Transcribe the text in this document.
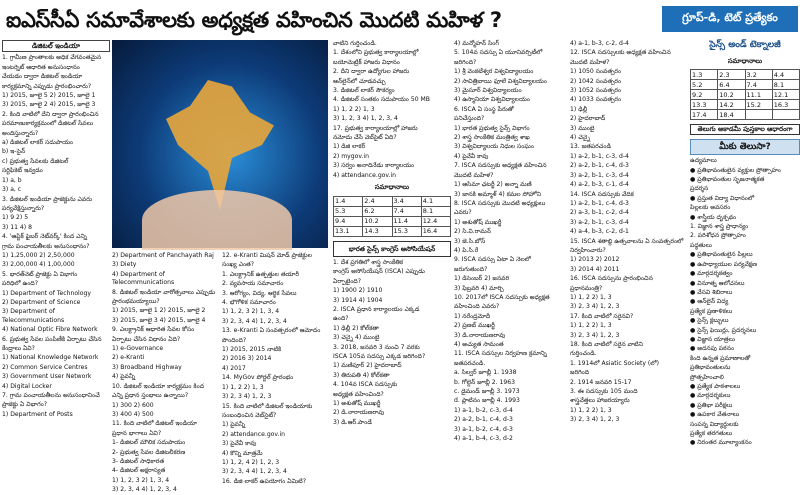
ఐఎస్‌సీఏ సమావేశాలకు అధ్యక్షత వహించిన మొదటి మహిళ ?	గ్రూప్-డి, టెట్ ప్రత్యేకం
డిజిటల్ ఇండియా

1. గ్రామీణ ప్రాంతాలకు అధిక వేగవంతమైన

ఇంటర్నెట్ ఆధారిత అనుసంధానం

చేయడం ద్వారా డిజిటల్ ఇండియా

కార్యక్రమాన్ని ఎప్పుడు ప్రారంభించారు?

1) 2015, జూలై 5 2) 2015, జూలై 1

3) 2015, జూలై 2 4) 2015, జూలై 3

2. కింది వాటిలో దేని ద్వారా ప్రారంభించిన

పరమాణుకార్యక్రమంలో డిజిటల్ సేవలు

అందిస్తున్నారు?

a) డిజిటల్ లాకర్ సదుపాయం

b) ఇ-సైన్

c) ప్రభుత్వ సేవలకు డిజిటల్

సర్టిఫికెట్ ఇవ్వడం

1) a, b

3) a, c

3. డిజిటల్ ఇండియా ప్రాజెక్టును ఎవరు

పర్యవేక్షిస్తున్నారు?

1) 9 2) 5

3) 11 4) 8

4. 'ఆప్టిక్ ఫైబర్ నెట్‌వర్క్' కింద ఎన్ని

గ్రామ పంచాయతీలకు అనుసంధానం?

1) 1,25,000 2) 2,50,000

3) 2,00,000 4) 1,00,000

5. భారత్‌నెట్ ప్రాజెక్టు ఏ విభాగం

పరిధిలో ఉంది?

1) Department of Technology

2) Department of Science

3) Department of Telecommunications

4) National Optic Fibre Network

6. ప్రభుత్వ సేవల పంపిణీకి ఏర్పాటు చేసిన

కేంద్రాలు ఏవి?

1) National Knowledge Network

2) Common Service Centres

3) Government User Network

4) Digital Locker

7. గ్రామ పంచాయతీలను అనుసంధానించే

ప్రాజెక్టు ఏ విభాగం?

1) Department of Posts

2) Department of Panchayath Raj

3) Diety

4) Department of Telecommunications

8. డిజిటల్ ఇండియా వారోత్సవాలు ఎప్పుడు

ప్రారంభమయ్యాయి?

1) 2015, జూలై 1 2) 2015, జూలై 2

3) 2015, జూలై 3 4) 2015, జూలై 4

9. ఎలక్ట్రానిక్ ఆధారిత సేవల కోసం

ఏర్పాటు చేసిన విధానం ఏది?

1) e-Governance

2) e-Kranti

3) Broadband Highway

4) పైవన్నీ

10. డిజిటల్ ఇండియా కార్యక్రమం కింద

ఎన్ని ప్రధాన స్తంభాలు ఉన్నాయి?

1) 300 2) 600

3) 400 4) 500

11. కింది వాటిలో డిజిటల్ ఇండియా

ప్రధాన భాగాలు ఏవి?

1- డిజిటల్ మౌలిక సదుపాయం

2- ప్రభుత్వ సేవల డిజిటలీకరణ

3- డిజిటల్ సాధికారత

4- డిజిటల్ అక్షరాస్యత

1) 1, 2, 3 2) 1, 3, 4

3) 2, 3, 4 4) 1, 2, 3, 4

12. e-Kranti మిషన్ మోడ్ ప్రాజెక్టుల

సంఖ్య ఎంత?

1. ఎలక్ట్రానిక్ ఉత్పత్తుల తయారీ

2. వ్యవసాయ సమాచారం

3. ఆరోగ్యం, విద్య, ఆర్థిక సేవలు

4. భౌగోళిక సమాచారం

1) 1, 2, 3 2) 1, 3, 4

3) 2, 3, 4 4) 1, 2, 3, 4

13. e-Kranti ఏ సంవత్సరంలో ఆమోదం

పొందింది?

1) 2015, 2015 నాటికి

2) 2016 3) 2014

4) 2017

14. MyGov పోర్టల్ ప్రారంభం

1) 1, 2 2) 1, 3

3) 2, 3 4) 1, 2, 3

15. కింది వాటిలో డిజిటల్ ఇండియాకు

సంబంధించిన వెబ్‌సైట్?

1) పైవన్నీ

2) attendance.gov.in

3) పైవేవీ కావు

4) కొన్ని మాత్రమే

1) 1, 2, 4 2) 1, 2, 3

3) 2, 3, 4 4) 1, 2, 3, 4

16. డిజి లాకర్ ఉపయోగం ఏమిటి?

వాటిని గుర్తించండి.

1. దేశంలోని ప్రభుత్వ కార్యాలయాల్లో

బయోమెట్రిక్ హాజరు విధానం

2. దీని ద్వారా ఉద్యోగుల హాజరు

ఆన్‌లైన్‌లో చూడవచ్చు

3. డిజిటల్ లాకర్ సౌకర్యం

4. డిజిటల్ సంతకం సదుపాయం 50 MB

1) 1, 2 2) 1, 3

3) 1, 2, 3 4) 1, 2, 3, 4

17. ప్రభుత్వ కార్యాలయాల్లో హాజరు

నమోదు చేసే వెబ్‌సైట్ ఏది?

1) డిజి లాకర్

2) mygov.in

3) సర్వం అనాదినేడు కార్యాలయం

4) attendance.gov.in

సమాధానాలు
1.4	2.4	3.4	4.1
5.3	6.2	7.4	8.1
9.4	10.2	11.4	12.4
13.1	14.3	15.3	16.4
భారత సైన్స్ కాంగ్రెస్ అసోసియేషన్

1. దేశ ప్రగతిలో శాస్త్ర సాంకేతిక

కాంగ్రెస్ అసోసియేషన్ (ISCA) ఎప్పుడు

ఏర్పాటైంది?

1) 1900 2) 1910

3) 1914 4) 1904

2. ISCA ప్రధాన కార్యాలయం ఎక్కడ

ఉంది?

1) ఢిల్లీ 2) కోల్‌కతా

3) చెన్నై 4) ముంబై

3. 2018, జనవరి 3 నుంచి 7 వరకు

ISCA 105వ సదస్సు ఎక్కడ జరిగింది?

1) మణిపూర్ 2) హైదరాబాద్

3) తిరుపతి 4) కోల్‌కతా

4. 104వ ISCA సదస్సుకు

అధ్యక్షత వహించింది?

1) అశుతోష్ ముఖర్జీ

2) డి.నారాయణరావు

3) డి.ఆర్.పాండే

4) మన్మోహన్ సింగ్

5. 104వ సదస్సు ఏ యూనివర్సిటీలో

జరిగింది?

1) శ్రీ వెంకటేశ్వర విశ్వవిద్యాలయం

2) సావిత్రిబాయి ఫూలే విశ్వవిద్యాలయం

3) మైసూర్ విశ్వవిద్యాలయం

4) ఉస్మానియా విశ్వవిద్యాలయం

6. ISCA ఏ సంస్థ పేరుతో

పనిచేస్తుంది?

1) భారత ప్రభుత్వ సైన్స్ విభాగం

2) శాస్త్ర సాంకేతిక మంత్రిత్వ శాఖ

3) విశ్వవిద్యాలయ నిధుల సంఘం

4) పైవేవీ కావు

7. ISCA సదస్సుకు అధ్యక్షత వహించిన

మొదటి మహిళ?

1) ఆసిమా ఛటర్జీ 2) అన్నా మణి

3) జానకి అమ్మాళ్ 4) కమల సోహోని

8. ISCA సదస్సుకు మొదటి అధ్యక్షులు

ఎవరు?

1) అశుతోష్ ముఖర్జీ

2) సి.వి.రామన్

3) జె.సి.బోస్

4) పి.సి.రే

9. ISCA సదస్సు ఏటా ఏ నెలలో

జరుగుతుంది?

1) డిసెంబర్ 2) జనవరి

3) ఫిబ్రవరి 4) మార్చి

10. 2017లో ISCA సదస్సుకు అధ్యక్షత

వహించింది ఎవరు?

1) నరేంద్రమోదీ

2) ప్రణబ్ ముఖర్జీ

3) డి.నారాయణరావు

4) అచ్యుత సామంత

11. ISCA సదస్సుల నిర్వహణ క్రమాన్ని

జతపరచండి.

a. సిల్వర్ జూబ్లీ 1. 1938

b. గోల్డెన్ జూబ్లీ 2. 1963

c. డైమండ్ జూబ్లీ 3. 1973

d. ప్లాటినం జూబ్లీ 4. 1993

1) a-1, b-2, c-3, d-4

2) a-2, b-1, c-4, d-3

3) a-1, b-2, c-4, d-3

4) a-1, b-4, c-3, d-2

4) a-1, b-3, c-2, d-4

12. ISCA సదస్సులకు అధ్యక్షత వహించిన

మొదటి మహిళ?

1) 1050 సంవత్సరం

2) 1042 సంవత్సరం

3) 1052 సంవత్సరం

4) 1033 సంవత్సరం

1) ఢిల్లీ

2) హైదరాబాద్

3) ముంబై

4) చెన్నై

13. జతపరచండి

1) a-2, b-1, c-3, d-4

2) a-2, b-1, c-4, d-3

3) a-2, b-1, c-3, d-4

4) a-2, b-3, c-1, d-4

14. ISCA సదస్సుకు వేదిక

1) a-2, b-1, c-4, d-3

2) a-3, b-1, c-2, d-4

3) a-2, b-1, c-3, d-4

4) a-4, b-3, c-2, d-1

15. ISCA శతాబ్ది ఉత్సవాలను ఏ సంవత్సరంలో

నిర్వహించారు?

1) 2013 2) 2012

3) 2014 4) 2011

16. ISCA సదస్సును ప్రారంభించిన

ప్రధానమంత్రి?

1) 1, 2 2) 1, 3

3) 2, 3 4) 1, 2, 3

17. కింది వాటిలో సరైనవి?

1) 1, 2 2) 1, 3

3) 2, 3 4) 1, 2, 3

18. కింది వాటిలో సరైన వాటిని

గుర్తించండి.

1. 1914లో Asiatic Society (లో)

జరిగింది

2. 1914 జనవరి 15-17

3. ఈ సదస్సుకు 105 మంది

శాస్త్రవేత్తలు హాజరయ్యారు

1) 1, 2 2) 1, 3

3) 2, 3 4) 1, 2, 3

సైన్స్ అండ్ టెక్నాలజీ
సమాధానాలు
1.3	2.3	3.2	4.4
5.2	6.4	7.4	8.1
9.2	10.2	11.1	12.1
13.3	14.2	15.2	16.3
17.4	18.4		
తెలుగు అకాడమీ పుస్తకాల ఆధారంగా
మీకు తెలుసా?

ఉద్యమాలు

● ప్రతిభావంతులైన వ్యక్తుల ప్రోత్సాహం

● ప్రతిభావంతుల సృజనాత్మకత

ప్రదర్శన

● ప్రస్తుత విద్యా విధానంలో

పిల్లలకు అవసరం

● శాస్త్రీయ దృక్పథం

1. విజ్ఞాన శాస్త్ర ప్రాధాన్యం

2. పరిశోధన ప్రోత్సాహం

పద్ధతులు

● ప్రతిభావంతులైన పిల్లలు

● ఉపాధ్యాయుల పర్యవేక్షణ

● మార్గదర్శకత్వం

● వినూత్న ఆలోచనలు

● వేసవి శిబిరాలు

● ఆన్‌లైన్ విద్య

ప్రత్యేక ప్రణాళికలు

● సైన్స్ క్లబ్బులు

● సైన్స్ ఫెయిర్లు, ప్రదర్శనలు

● విజ్ఞాన యాత్రలు

● అదనపు పఠనం

కింది ఉన్నత ప్రమాణాలతో

ప్రతిభావంతులను

ప్రోత్సహించాలి

● ప్రత్యేక పాఠశాలలు

● మార్గదర్శకులు

● ప్రతిభా పరీక్షలు

● ఉపకార వేతనాలు

సంపన్న విద్యార్థులకు

ప్రత్యేక తరగతులు

● నిరంతర మూల్యాంకనం
